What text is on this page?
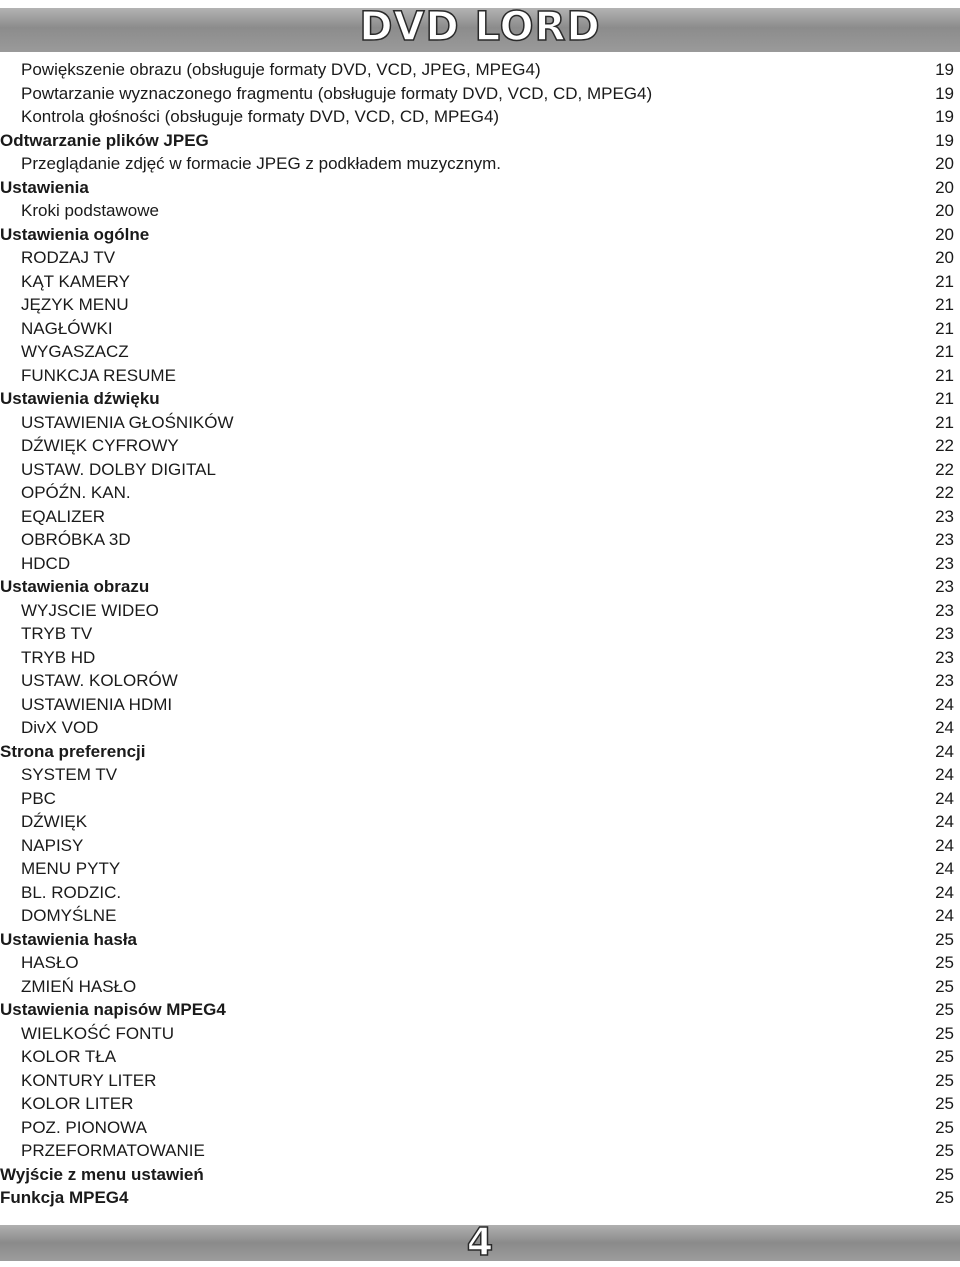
DVD LORD
Powiększenie obrazu (obsługuje formaty DVD, VCD, JPEG, MPEG4)	19
Powtarzanie wyznaczonego fragmentu (obsługuje formaty DVD, VCD, CD, MPEG4)	19
Kontrola głośności (obsługuje formaty DVD, VCD, CD, MPEG4)	19
Odtwarzanie plików JPEG	19
Przeglądanie zdjęć w formacie JPEG z podkładem muzycznym.	20
Ustawienia	20
Kroki podstawowe	20
Ustawienia ogólne	20
RODZAJ TV	20
KĄT KAMERY	21
JĘZYK MENU	21
NAGŁÓWKI	21
WYGASZACZ	21
FUNKCJA RESUME	21
Ustawienia dźwięku	21
USTAWIENIA GŁOŚNIKÓW	21
DŹWIĘK CYFROWY	22
USTAW. DOLBY DIGITAL	22
OPÓŹN. KAN.	22
EQALIZER	23
OBRÓBKA 3D	23
HDCD	23
Ustawienia obrazu	23
WYJSCIE WIDEO	23
TRYB TV	23
TRYB HD	23
USTAW. KOLORÓW	23
USTAWIENIA HDMI	24
DivX VOD	24
Strona preferencji	24
SYSTEM TV	24
PBC	24
DŹWIĘK	24
NAPISY	24
MENU PYTY	24
BL. RODZIC.	24
DOMYŚLNE	24
Ustawienia hasła	25
HASŁO	25
ZMIEŃ HASŁO	25
Ustawienia napisów MPEG4	25
WIELKOŚĆ FONTU	25
KOLOR TŁA	25
KONTURY LITER	25
KOLOR LITER	25
POZ. PIONOWA	25
PRZEFORMATOWANIE	25
Wyjście z menu ustawień	25
Funkcja MPEG4	25
4
